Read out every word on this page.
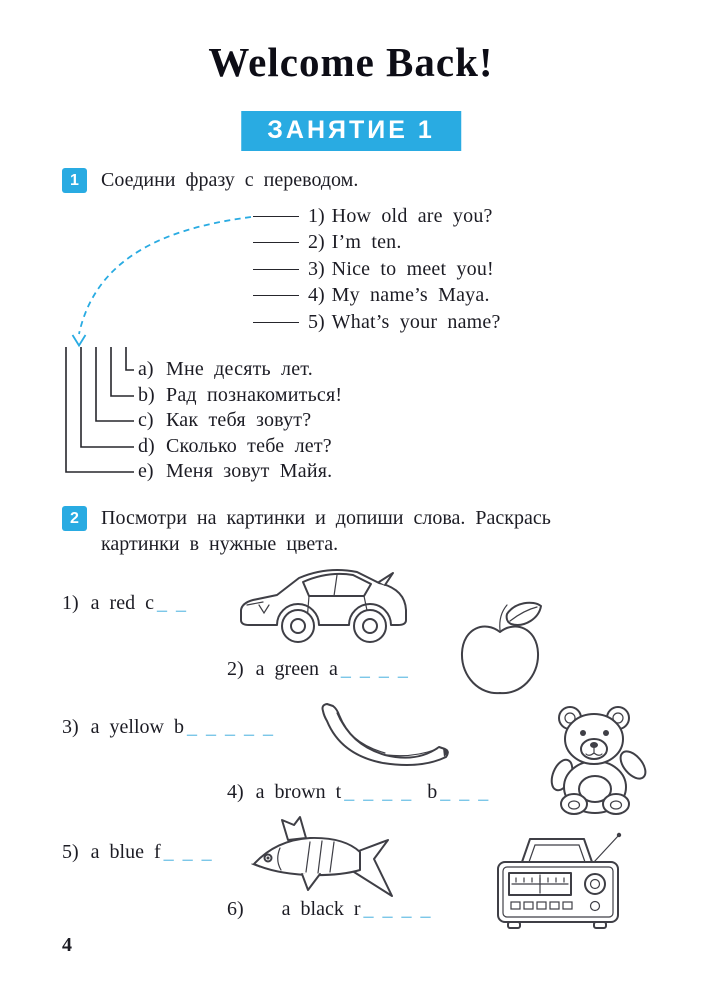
Welcome Back!
ЗАНЯТИЕ 1
1	Соедини фразу с переводом.
1) How old are you?
2) I’m ten.
3) Nice to meet you!
4) My name’s Maya.
5) What’s your name?
a) Мне десять лет.
b) Рад познакомиться!
c) Как тебя зовут?
d) Сколько тебе лет?
e) Меня зовут Майя.
2	Посмотри на картинки и допиши слова. Раскрась картинки в нужные цвета.
1) a red c _ _
2) a green a _ _ _ _
3) a yellow b _ _ _ _ _
4) a brown t _ _ _ _ b _ _ _
5) a blue f _ _ _
6) a black r _ _ _ _
4
